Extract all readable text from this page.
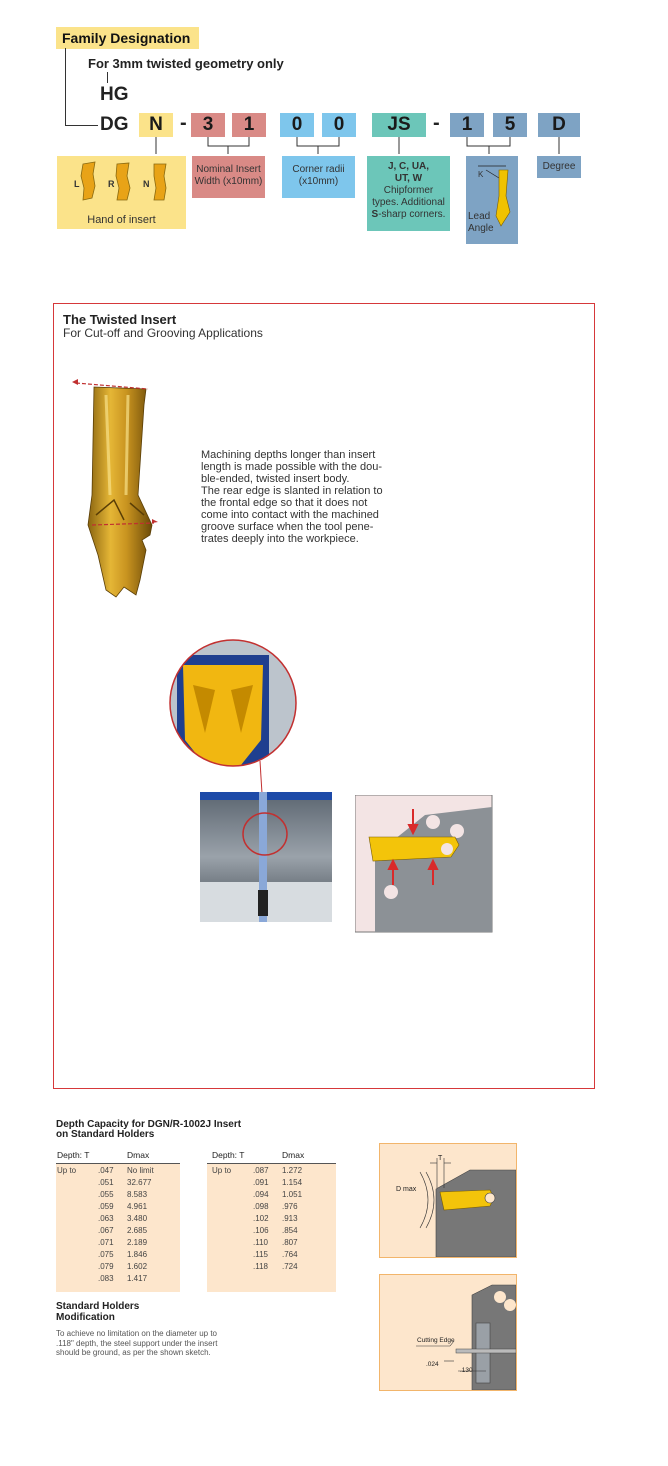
Family Designation
For 3mm twisted geometry only
HG
DG	N - 3	1	0	0	JS	-	1	5	D
L	R	N
Hand of insert
Nominal Insert Width (x10mm)
Corner radii (x10mm)
J, C, UA, UT, W
Chipformer types. Additional
S-sharp corners.
K
Lead Angle
Degree
The Twisted Insert
For Cut-off and Grooving Applications
Machining depths longer than insert
length is made possible with the dou-
ble-ended, twisted insert body.
The rear edge is slanted in relation to
the frontal edge so that it does not
come into contact with the machined
groove surface when the tool pene-
trates deeply into the workpiece.
Depth Capacity for DGN/R-1002J Insert
on Standard Holders
Depth: T	Dmax
Up to	.047 No limit
.051 32.677
.055 8.583
.059 4.961
.063 3.480
.067 2.685
.071 2.189
.075 1.846
.079 1.602
.083 1.417
Depth: T	Dmax
Up to	.087 1.272
.091 1.154
.094 1.051
.098 .976
.102 .913
.106 .854
.110 .807
.115 .764
.118 .724
Standard Holders
Modification
To achieve no limitation on the diameter up to
.118" depth, the steel support under the insert
should be ground, as per the shown sketch.
D max
T
Cutting Edge
.024
.130
